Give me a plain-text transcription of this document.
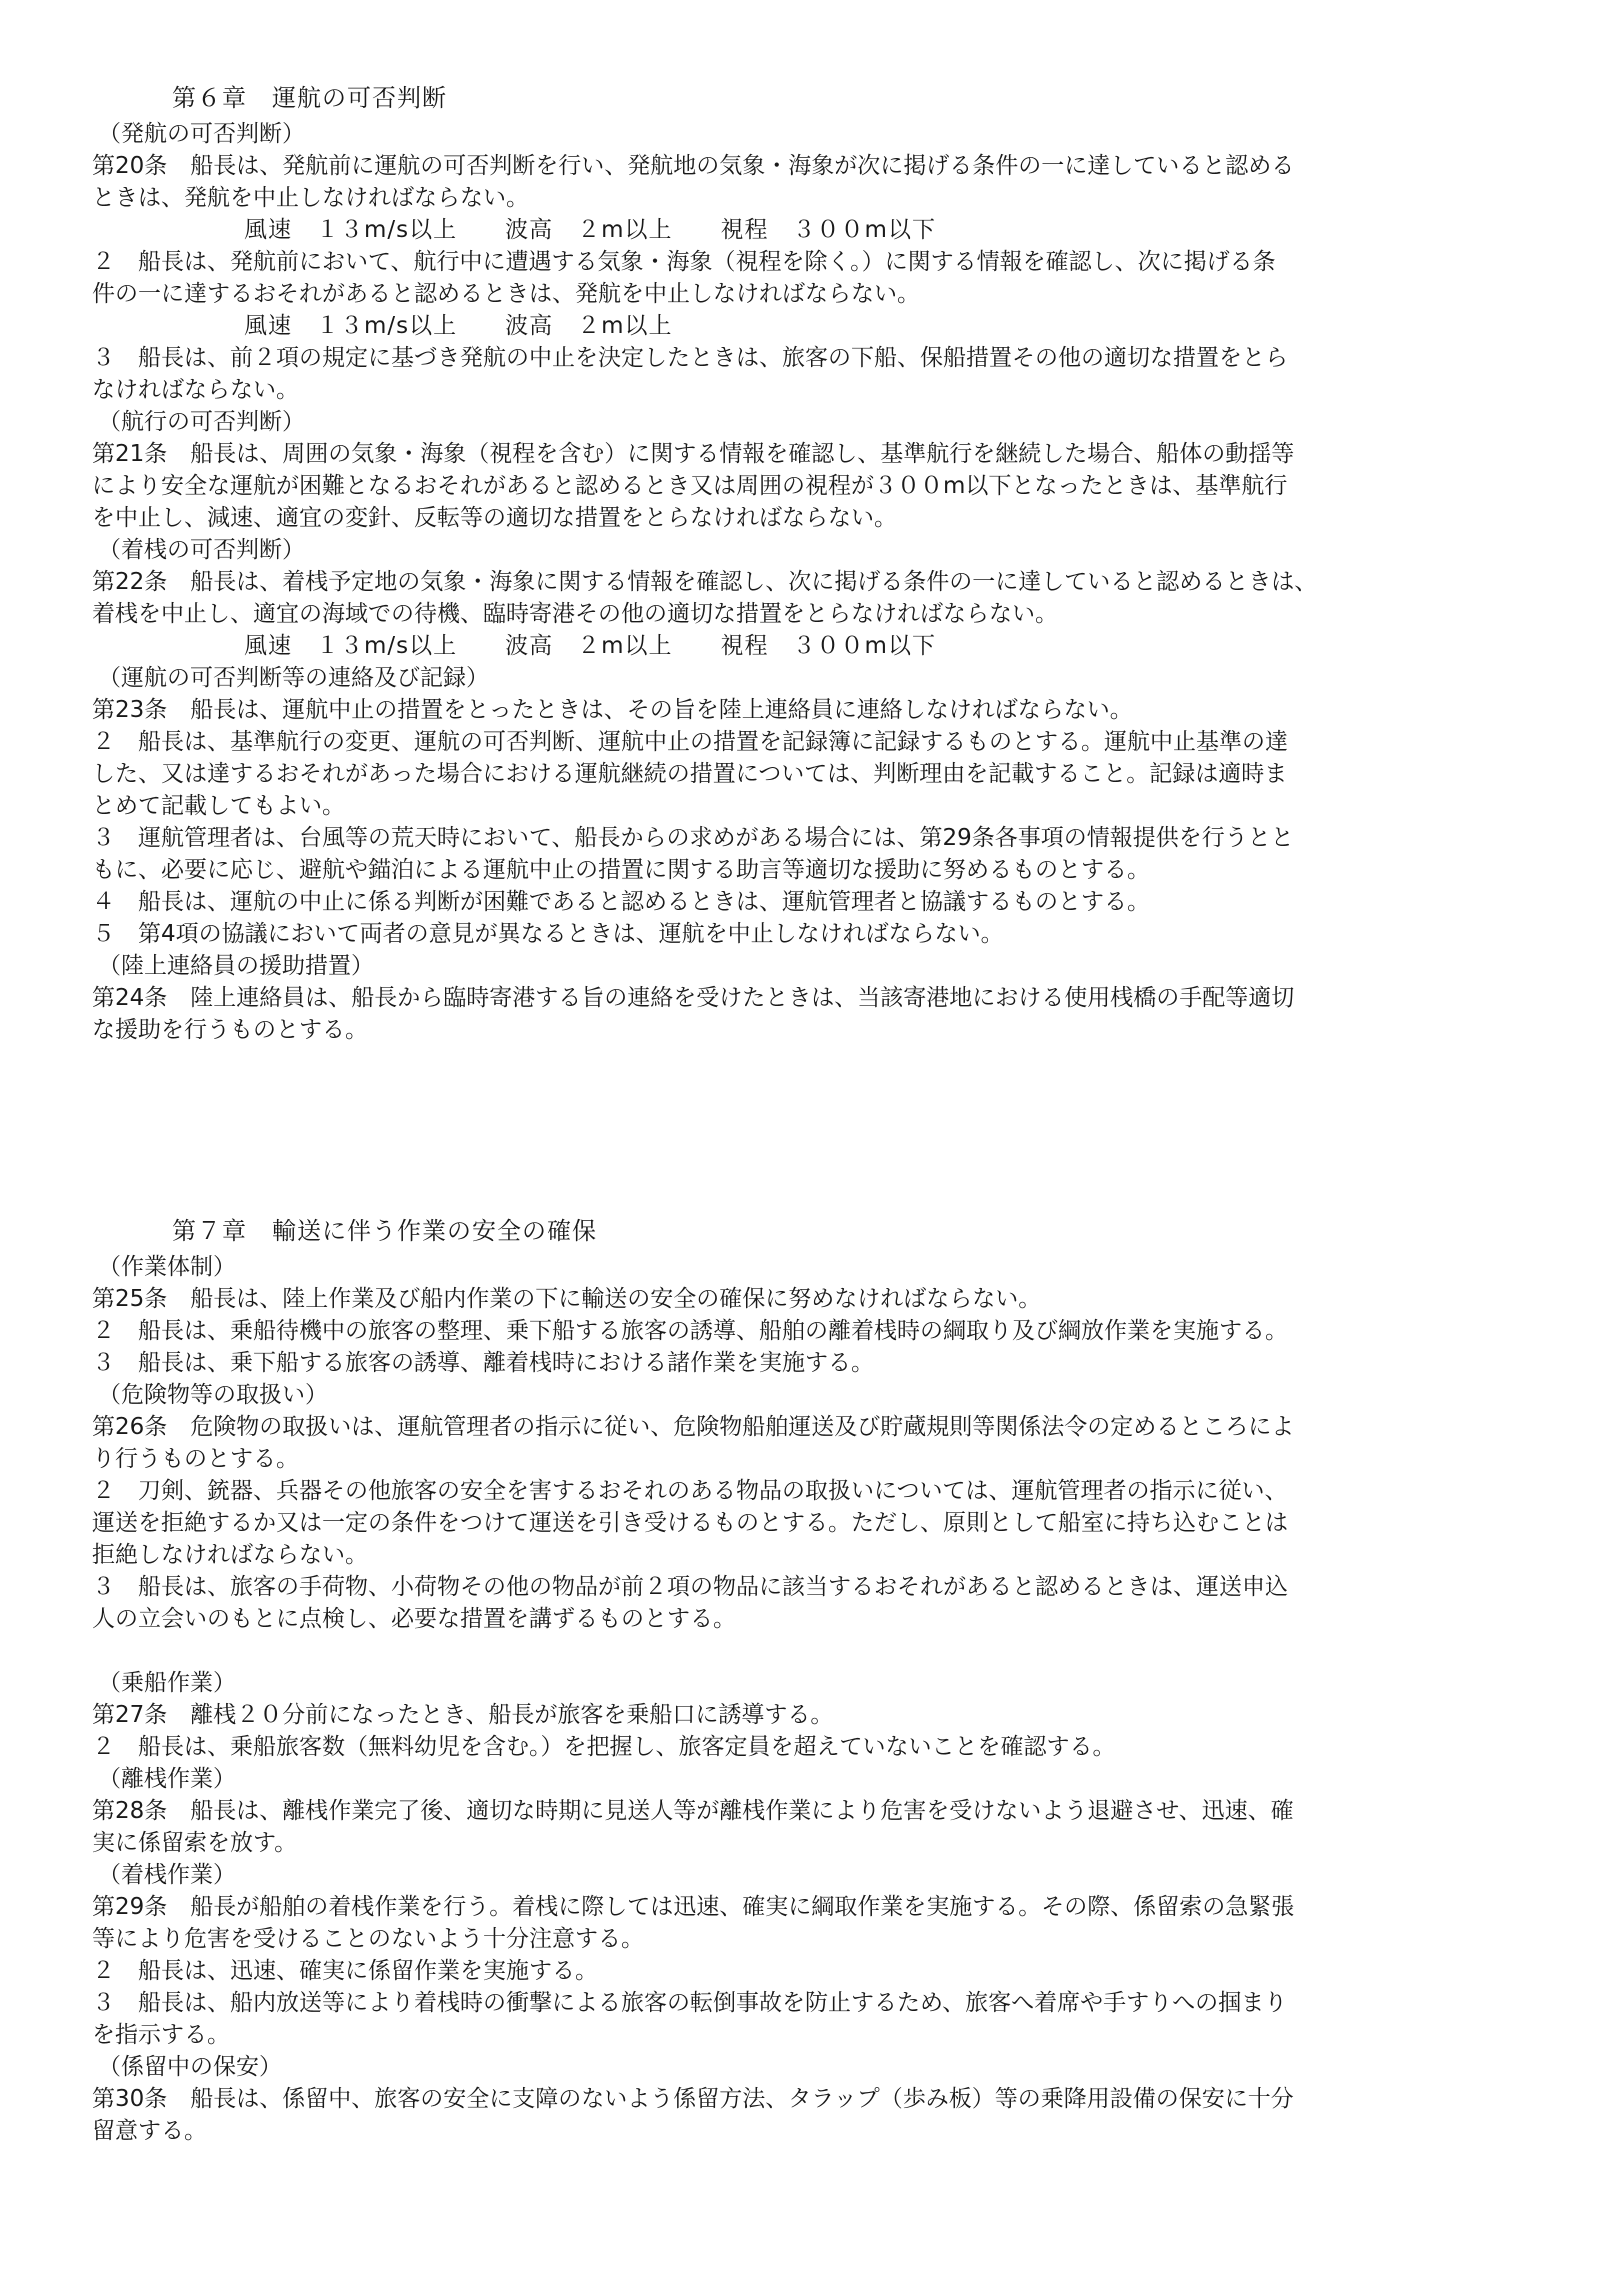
第６章　運航の可否判断
（発航の可否判断）
第20条　船長は、発航前に運航の可否判断を行い、発航地の気象・海象が次に掲げる条件の一に達していると認める
ときは、発航を中止しなければならない。
風速　１３m/s以上　　波高　２m以上　　視程　３００m以下
２　船長は、発航前において、航行中に遭遇する気象・海象（視程を除く。）に関する情報を確認し、次に掲げる条
件の一に達するおそれがあると認めるときは、発航を中止しなければならない。
風速　１３m/s以上　　波高　２m以上
３　船長は、前２項の規定に基づき発航の中止を決定したときは、旅客の下船、保船措置その他の適切な措置をとら
なければならない。
（航行の可否判断）
第21条　船長は、周囲の気象・海象（視程を含む）に関する情報を確認し、基準航行を継続した場合、船体の動揺等
により安全な運航が困難となるおそれがあると認めるとき又は周囲の視程が３００m以下となったときは、基準航行
を中止し、減速、適宜の変針、反転等の適切な措置をとらなければならない。
（着桟の可否判断）
第22条　船長は、着桟予定地の気象・海象に関する情報を確認し、次に掲げる条件の一に達していると認めるときは、
着桟を中止し、適宜の海域での待機、臨時寄港その他の適切な措置をとらなければならない。
風速　１３m/s以上　　波高　２m以上　　視程　３００m以下
（運航の可否判断等の連絡及び記録）
第23条　船長は、運航中止の措置をとったときは、その旨を陸上連絡員に連絡しなければならない。
２　船長は、基準航行の変更、運航の可否判断、運航中止の措置を記録簿に記録するものとする。運航中止基準の達
した、又は達するおそれがあった場合における運航継続の措置については、判断理由を記載すること。記録は適時ま
とめて記載してもよい。
３　運航管理者は、台風等の荒天時において、船長からの求めがある場合には、第29条各事項の情報提供を行うとと
もに、必要に応じ、避航や錨泊による運航中止の措置に関する助言等適切な援助に努めるものとする。
４　船長は、運航の中止に係る判断が困難であると認めるときは、運航管理者と協議するものとする。
５　第4項の協議において両者の意見が異なるときは、運航を中止しなければならない。
（陸上連絡員の援助措置）
第24条　陸上連絡員は、船長から臨時寄港する旨の連絡を受けたときは、当該寄港地における使用桟橋の手配等適切
な援助を行うものとする。
第７章　輸送に伴う作業の安全の確保
（作業体制）
第25条　船長は、陸上作業及び船内作業の下に輸送の安全の確保に努めなければならない。
２　船長は、乗船待機中の旅客の整理、乗下船する旅客の誘導、船舶の離着桟時の綱取り及び綱放作業を実施する。
３　船長は、乗下船する旅客の誘導、離着桟時における諸作業を実施する。
（危険物等の取扱い）
第26条　危険物の取扱いは、運航管理者の指示に従い、危険物船舶運送及び貯蔵規則等関係法令の定めるところによ
り行うものとする。
２　刀剣、銃器、兵器その他旅客の安全を害するおそれのある物品の取扱いについては、運航管理者の指示に従い、
運送を拒絶するか又は一定の条件をつけて運送を引き受けるものとする。ただし、原則として船室に持ち込むことは
拒絶しなければならない。
３　船長は、旅客の手荷物、小荷物その他の物品が前２項の物品に該当するおそれがあると認めるときは、運送申込
人の立会いのもとに点検し、必要な措置を講ずるものとする。
（乗船作業）
第27条　離桟２０分前になったとき、船長が旅客を乗船口に誘導する。
２　船長は、乗船旅客数（無料幼児を含む。）を把握し、旅客定員を超えていないことを確認する。
（離桟作業）
第28条　船長は、離桟作業完了後、適切な時期に見送人等が離桟作業により危害を受けないよう退避させ、迅速、確
実に係留索を放す。
（着桟作業）
第29条　船長が船舶の着桟作業を行う。着桟に際しては迅速、確実に綱取作業を実施する。その際、係留索の急緊張
等により危害を受けることのないよう十分注意する。
２　船長は、迅速、確実に係留作業を実施する。
３　船長は、船内放送等により着桟時の衝撃による旅客の転倒事故を防止するため、旅客へ着席や手すりへの掴まり
を指示する。
（係留中の保安）
第30条　船長は、係留中、旅客の安全に支障のないよう係留方法、タラップ（歩み板）等の乗降用設備の保安に十分
留意する。
